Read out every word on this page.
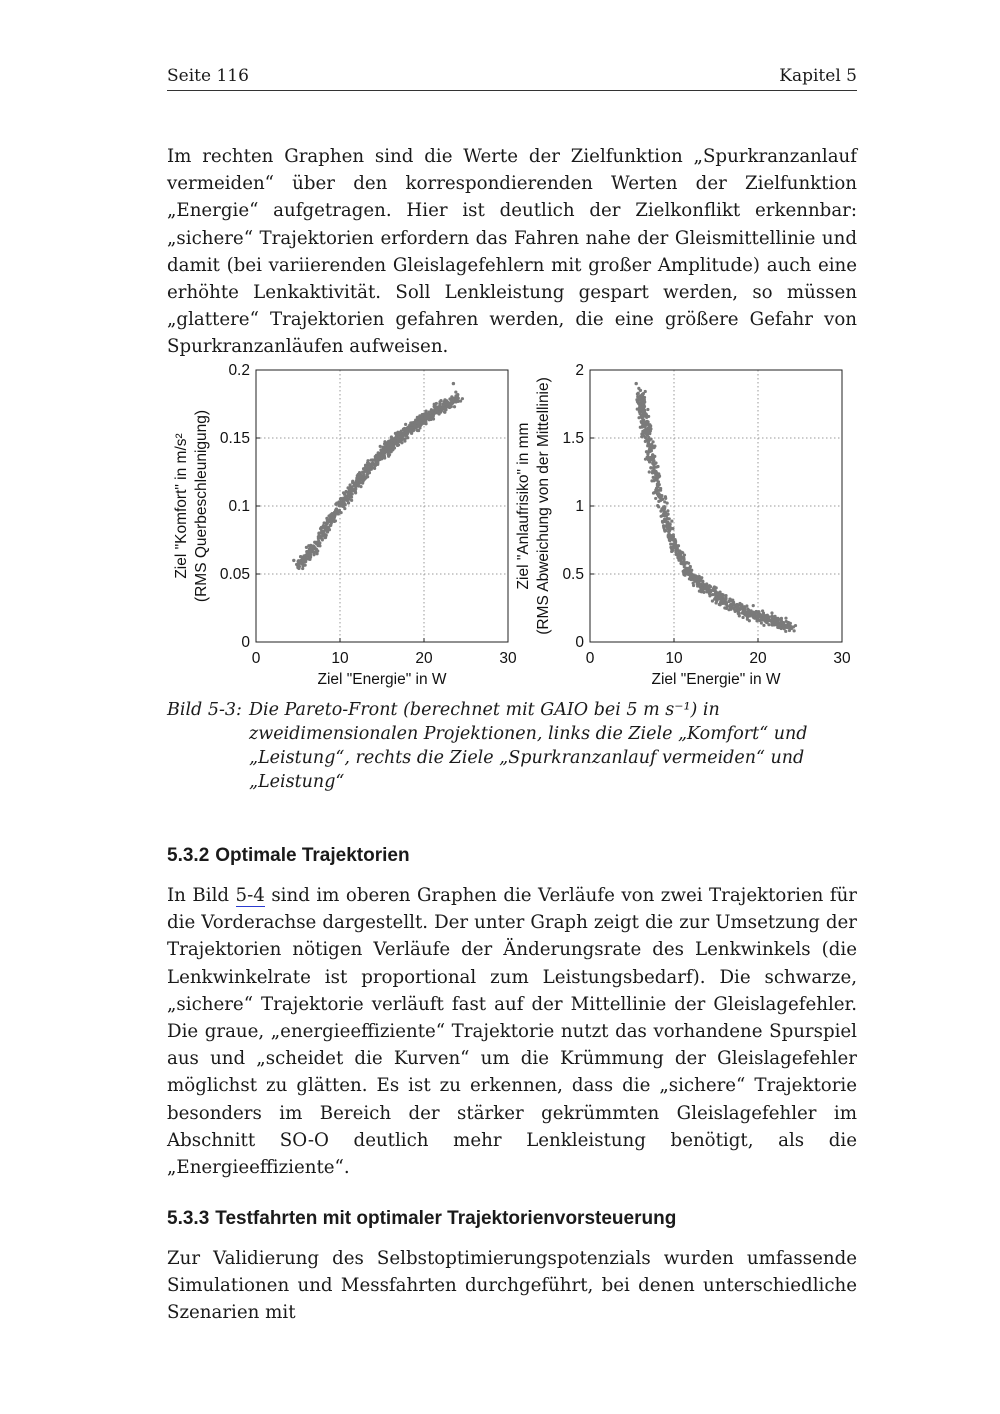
Seite 116	Kapitel 5
Im rechten Graphen sind die Werte der Zielfunktion „Spurkranzanlauf vermeiden“ über den korrespondierenden Werten der Zielfunktion „Energie“ aufgetragen. Hier ist deutlich der Zielkonflikt erkennbar: „sichere“ Trajektorien erfordern das Fahren nahe der Gleismittellinie und damit (bei variierenden Gleislagefehlern mit großer Amplitude) auch eine erhöhte Lenkaktivität. Soll Lenkleistung gespart werden, so müssen „glattere“ Trajektorien gefahren werden, die eine größere Gefahr von Spurkranzanläufen aufweisen.
0	10	20	30
0
0.05
0.1
0.15
0.2
Ziel "Energie" in W
Ziel "Komfort" in m/s² (RMS Querbeschleunigung)
0	10	20	30
0
0.5
1
1.5
2
Ziel "Energie" in W
Ziel "Anlaufrisiko" in mm (RMS Abweichung von der Mittellinie)
Bild 5-3: Die Pareto-Front (berechnet mit GAIO bei 5 m s⁻¹) in zweidimensionalen Projektionen, links die Ziele „Komfort“ und „Leistung“, rechts die Ziele „Spurkranzanlauf vermeiden“ und „Leistung“
5.3.2 Optimale Trajektorien
In Bild 5-4 sind im oberen Graphen die Verläufe von zwei Trajektorien für die Vorderachse dargestellt. Der unter Graph zeigt die zur Umsetzung der Trajektorien nötigen Verläufe der Änderungsrate des Lenkwinkels (die Lenkwinkelrate ist proportional zum Leistungsbedarf). Die schwarze, „sichere“ Trajektorie verläuft fast auf der Mittellinie der Gleislagefehler. Die graue, „energieeffiziente“ Trajektorie nutzt das vorhandene Spurspiel aus und „scheidet die Kurven“ um die Krümmung der Gleislagefehler möglichst zu glätten. Es ist zu erkennen, dass die „sichere“ Trajektorie besonders im Bereich der stärker gekrümmten Gleislagefehler im Abschnitt SO-O deutlich mehr Lenkleistung benötigt, als die „Energieeffiziente“.
5.3.3 Testfahrten mit optimaler Trajektorienvorsteuerung
Zur Validierung des Selbstoptimierungspotenzials wurden umfassende Simulationen und Messfahrten durchgeführt, bei denen unterschiedliche Szenarien mit
